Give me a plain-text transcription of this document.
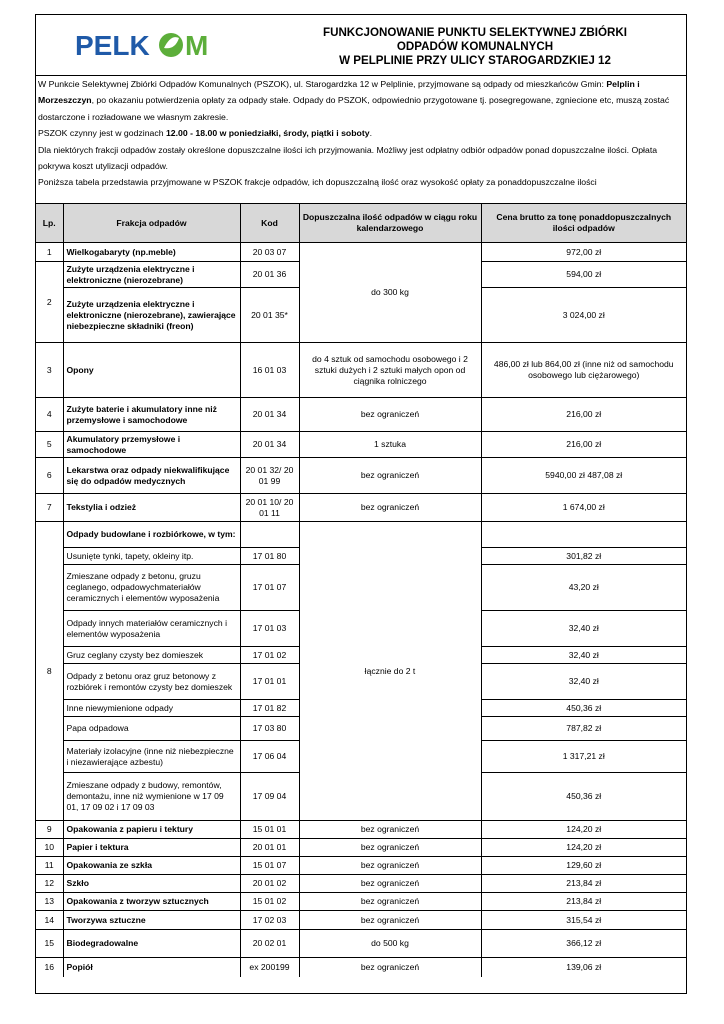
PELK M	FUNKCJONOWANIE PUNKTU SELEKTYWNEJ ZBIÓRKI
ODPADÓW KOMUNALNYCH
W PELPLINIE PRZY ULICY STAROGARDZKIEJ 12

W Punkcie Selektywnej Zbiórki Odpadów Komunalnych (PSZOK), ul. Starogardzka 12 w Pelplinie, przyjmowane są odpady od mieszkańców Gmin: Pelplin i Morzeszczyn, po okazaniu potwierdzenia opłaty za odpady stałe. Odpady do PSZOK, odpowiednio przygotowane tj. posegregowane, zgniecione etc, muszą zostać dostarczone i rozładowane we własnym zakresie.

PSZOK czynny jest w godzinach 12.00 - 18.00 w poniedziałki, środy, piątki i soboty.

Dla niektórych frakcji odpadów zostały określone dopuszczalne ilości ich przyjmowania. Możliwy jest odpłatny odbiór odpadów ponad dopuszczalne ilości. Opłata pokrywa koszt utylizacji odpadów.

Poniższa tabela przedstawia przyjmowane w PSZOK frakcje odpadów, ich dopuszczalną ilość oraz wysokość opłaty za ponaddopuszczalne ilości

Lp.	Frakcja odpadów	Kod	Dopuszczalna ilość odpadów w ciągu roku kalendarzowego	Cena brutto za tonę ponaddopuszczalnych ilości odpadów
1	Wielkogabaryty (np.meble)	20 03 07	do 300 kg	972,00 zł
2	Zużyte urządzenia elektryczne i elektroniczne (nierozebrane)	20 01 36		594,00 zł
	Zużyte urządzenia elektryczne i elektroniczne (nierozebrane), zawierające niebezpieczne składniki (freon)	20 01 35*		3 024,00 zł
3	Opony	16 01 03	do 4 sztuk od samochodu osobowego i 2 sztuki dużych i 2 sztuki małych opon od ciągnika rolniczego	486,00 zł lub 864,00 zł (inne niż od samochodu osobowego lub ciężarowego)
4	Zużyte baterie i akumulatory inne niż przemysłowe i samochodowe	20 01 34	bez ograniczeń	216,00 zł
5	Akumulatory przemysłowe i samochodowe	20 01 34	1 sztuka	216,00 zł
6	Lekarstwa oraz odpady niekwalifikujące się do odpadów medycznych	20 01 32/ 20 01 99	bez ograniczeń	5940,00 zł 487,08 zł
7	Tekstylia i odzież	20 01 10/ 20 01 11	bez ograniczeń	1 674,00 zł
8	Odpady budowlane i rozbiórkowe, w tym:		łącznie do 2 t	
	Usunięte tynki, tapety, okleiny itp.	17 01 80		301,82 zł
	Zmieszane odpady z betonu, gruzu ceglanego, odpadowychmateriałów ceramicznych i elementów wyposażenia	17 01 07		43,20 zł
	Odpady innych materiałów ceramicznych i elementów wyposażenia	17 01 03		32,40 zł
	Gruz ceglany czysty bez domieszek	17 01 02		32,40 zł
	Odpady z betonu oraz gruz betonowy z rozbiórek i remontów czysty bez domieszek	17 01 01		32,40 zł
	Inne niewymienione odpady	17 01 82		450,36 zł
	Papa odpadowa	17 03 80		787,82 zł
	Materiały izolacyjne (inne niż niebezpieczne i niezawierające azbestu)	17 06 04		1 317,21 zł
	Zmieszane odpady z budowy, remontów, demontażu, inne niż wymienione w 17 09 01, 17 09 02 i 17 09 03	17 09 04		450,36 zł
9	Opakowania z papieru i tektury	15 01 01	bez ograniczeń	124,20 zł
10	Papier i tektura	20 01 01	bez ograniczeń	124,20 zł
11	Opakowania ze szkła	15 01 07	bez ograniczeń	129,60 zł
12	Szkło	20 01 02	bez ograniczeń	213,84 zł
13	Opakowania z tworzyw sztucznych	15 01 02	bez ograniczeń	213,84 zł
14	Tworzywa sztuczne	17 02 03	bez ograniczeń	315,54 zł
15	Biodegradowalne	20 02 01	do 500 kg	366,12 zł
16	Popiół	ex 200199	bez ograniczeń	139,06 zł
